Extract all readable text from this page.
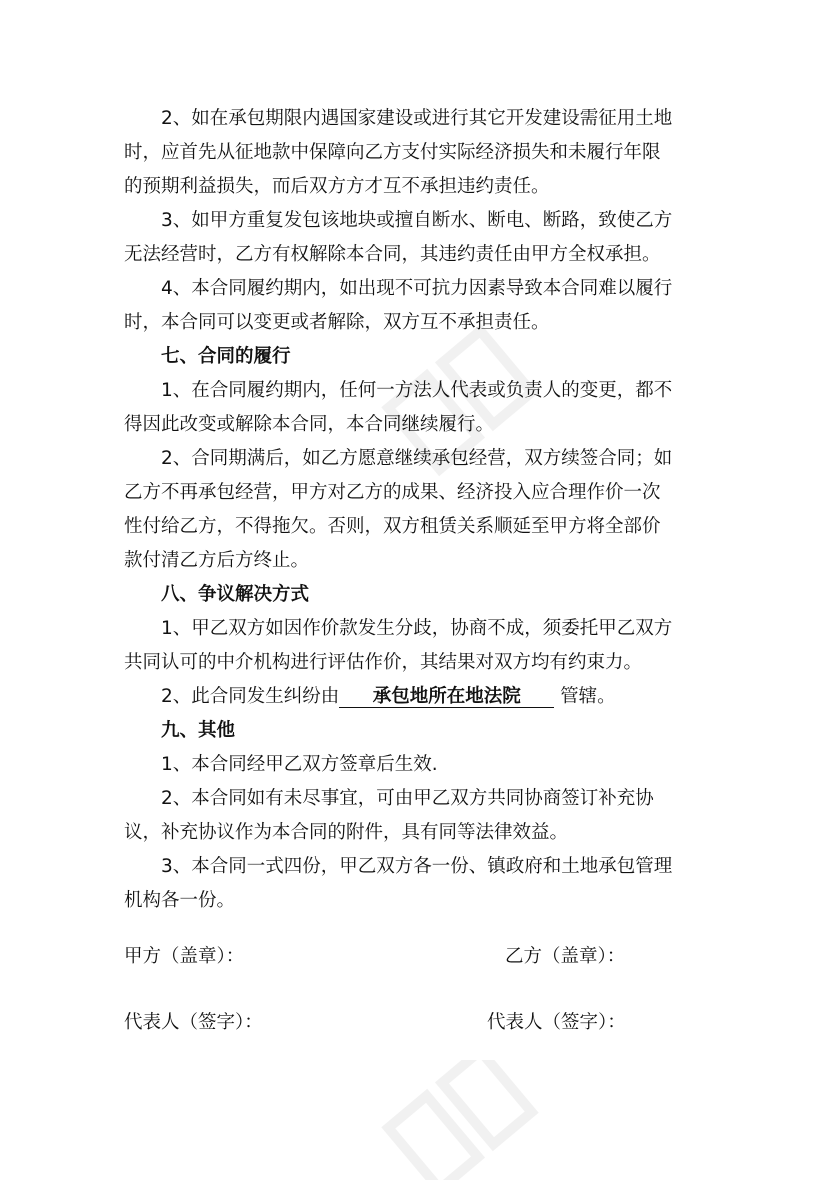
　　2、如在承包期限内遇国家建设或进行其它开发建设需征用土地

时，应首先从征地款中保障向乙方支付实际经济损失和未履行年限

的预期利益损失，而后双方方才互不承担违约责任。

　　3、如甲方重复发包该地块或擅自断水、断电、断路，致使乙方

无法经营时，乙方有权解除本合同，其违约责任由甲方全权承担。

　　4、本合同履约期内，如出现不可抗力因素导致本合同难以履行

时，本合同可以变更或者解除，双方互不承担责任。

　　七、合同的履行

　　1、在合同履约期内，任何一方法人代表或负责人的变更，都不

得因此改变或解除本合同，本合同继续履行。

　　2、合同期满后，如乙方愿意继续承包经营，双方续签合同；如

乙方不再承包经营，甲方对乙方的成果、经济投入应合理作价一次

性付给乙方，不得拖欠。否则，双方租赁关系顺延至甲方将全部价

款付清乙方后方终止。

　　八、争议解决方式

　　1、甲乙双方如因作价款发生分歧，协商不成，须委托甲乙双方

共同认可的中介机构进行评估作价，其结果对双方均有约束力。

　　2、此合同发生纠纷由 承包地所在地法院 管辖。

　　九、其他

　　1、本合同经甲乙双方签章后生效.

　　2、本合同如有未尽事宜，可由甲乙双方共同协商签订补充协

议，补充协议作为本合同的附件，具有同等法律效益。

　　3、本合同一式四份，甲乙双方各一份、镇政府和土地承包管理

机构各一份。

甲方（盖章）：	乙方（盖章）：
代表人（签字）：	代表人（签字）：
